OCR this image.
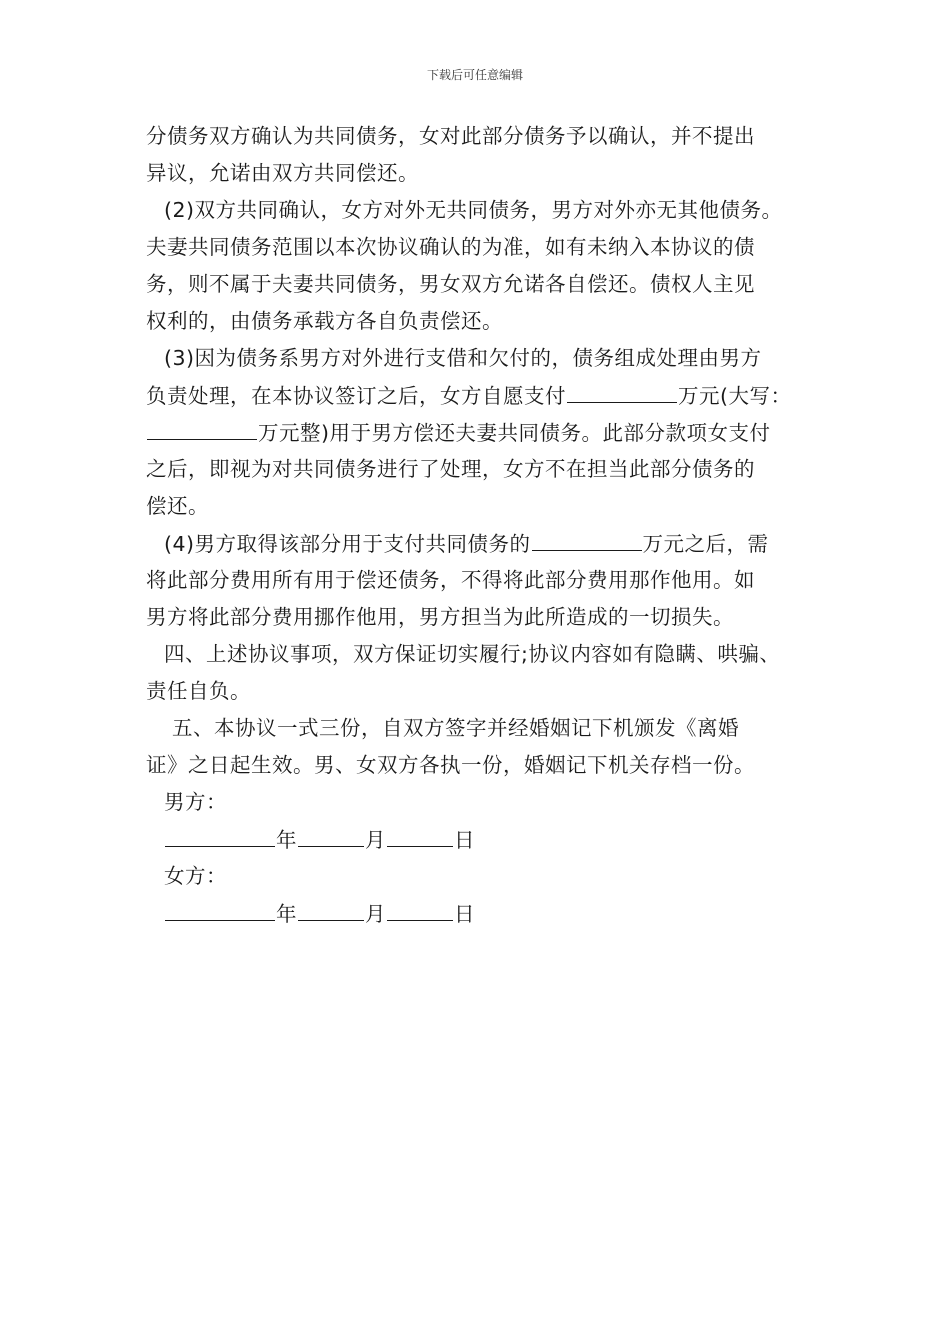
下载后可任意编辑
分债务双方确认为共同债务，女对此部分债务予以确认，并不提出
异议，允诺由双方共同偿还。
(2)双方共同确认，女方对外无共同债务，男方对外亦无其他债务。
夫妻共同债务范围以本次协议确认的为准，如有未纳入本协议的债
务，则不属于夫妻共同债务，男女双方允诺各自偿还。债权人主见
权利的，由债务承载方各自负责偿还。
(3)因为债务系男方对外进行支借和欠付的，债务组成处理由男方
负责处理，在本协议签订之后，女方自愿支付	万元(大写：
万元整)用于男方偿还夫妻共同债务。此部分款项女支付
之后，即视为对共同债务进行了处理，女方不在担当此部分债务的
偿还。
(4)男方取得该部分用于支付共同债务的	万元之后，需
将此部分费用所有用于偿还债务，不得将此部分费用那作他用。如
男方将此部分费用挪作他用，男方担当为此所造成的一切损失。
四、上述协议事项，双方保证切实履行;协议内容如有隐瞒、哄骗、
责任自负。
五、本协议一式三份，自双方签字并经婚姻记下机颁发《离婚
证》之日起生效。男、女双方各执一份，婚姻记下机关存档一份。
男方：
年	月	日
女方：
年	月	日
